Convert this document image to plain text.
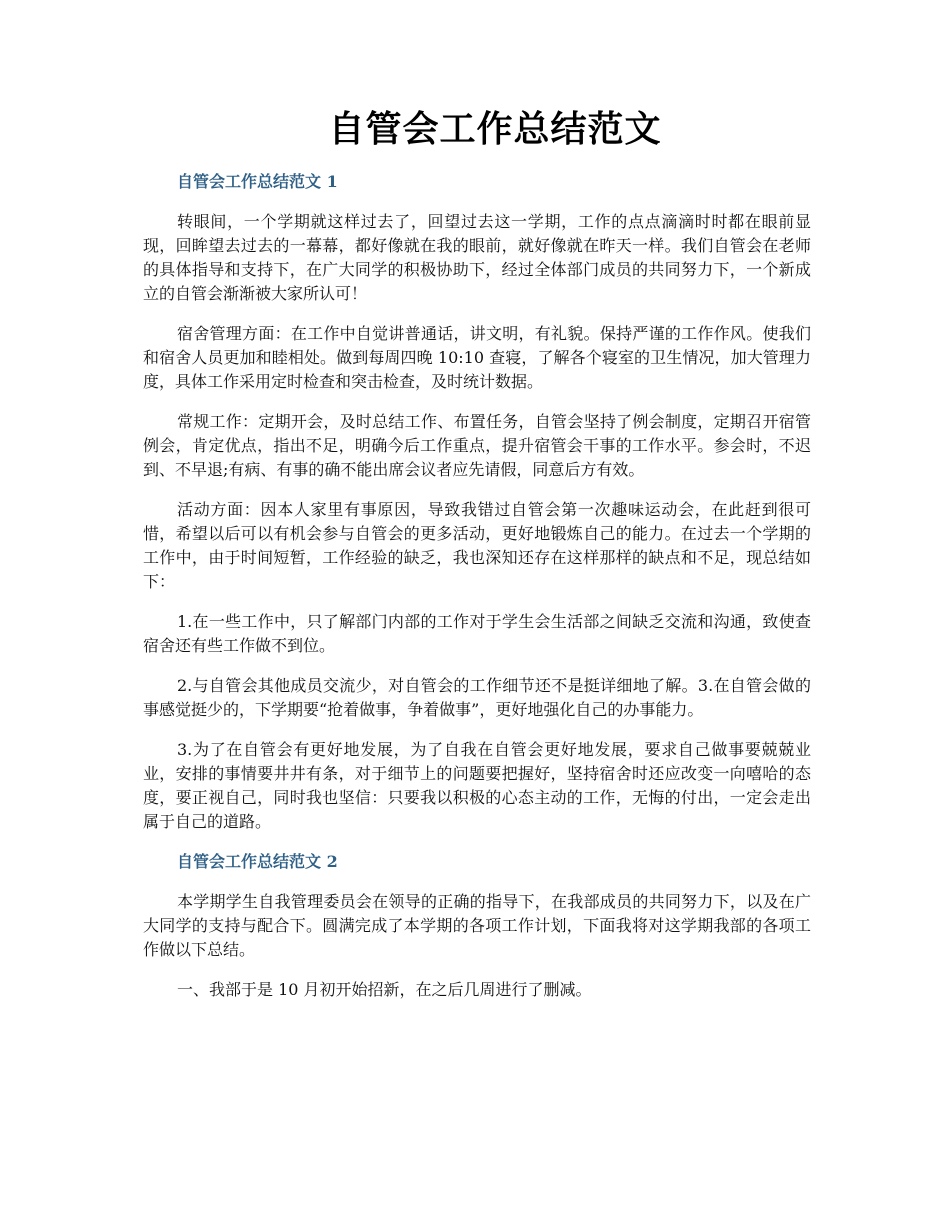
自管会工作总结范文
自管会工作总结范文 1

转眼间，一个学期就这样过去了，回望过去这一学期，工作的点点滴滴时时都在眼前显现，回眸望去过去的一幕幕，都好像就在我的眼前，就好像就在昨天一样。我们自管会在老师的具体指导和支持下，在广大同学的积极协助下，经过全体部门成员的共同努力下，一个新成立的自管会渐渐被大家所认可！

宿舍管理方面：在工作中自觉讲普通话，讲文明，有礼貌。保持严谨的工作作风。使我们和宿舍人员更加和睦相处。做到每周四晚 10:10 查寝，了解各个寝室的卫生情况，加大管理力度，具体工作采用定时检查和突击检查，及时统计数据。

常规工作：定期开会，及时总结工作、布置任务，自管会坚持了例会制度，定期召开宿管例会，肯定优点，指出不足，明确今后工作重点，提升宿管会干事的工作水平。参会时，不迟到、不早退;有病、有事的确不能出席会议者应先请假，同意后方有效。

活动方面：因本人家里有事原因，导致我错过自管会第一次趣味运动会，在此赶到很可惜，希望以后可以有机会参与自管会的更多活动，更好地锻炼自己的能力。在过去一个学期的工作中，由于时间短暂，工作经验的缺乏，我也深知还存在这样那样的缺点和不足，现总结如下：

1.在一些工作中，只了解部门内部的工作对于学生会生活部之间缺乏交流和沟通，致使查宿舍还有些工作做不到位。

2.与自管会其他成员交流少，对自管会的工作细节还不是挺详细地了解。3.在自管会做的事感觉挺少的，下学期要“抢着做事，争着做事”，更好地强化自己的办事能力。

3.为了在自管会有更好地发展，为了自我在自管会更好地发展，要求自己做事要兢兢业业，安排的事情要井井有条，对于细节上的问题要把握好，坚持宿舍时还应改变一向嘻哈的态度，要正视自己，同时我也坚信：只要我以积极的心态主动的工作，无悔的付出，一定会走出属于自己的道路。

自管会工作总结范文 2

本学期学生自我管理委员会在领导的正确的指导下，在我部成员的共同努力下，以及在广大同学的支持与配合下。圆满完成了本学期的各项工作计划，下面我将对这学期我部的各项工作做以下总结。

一、我部于是 10 月初开始招新，在之后几周进行了删减。
